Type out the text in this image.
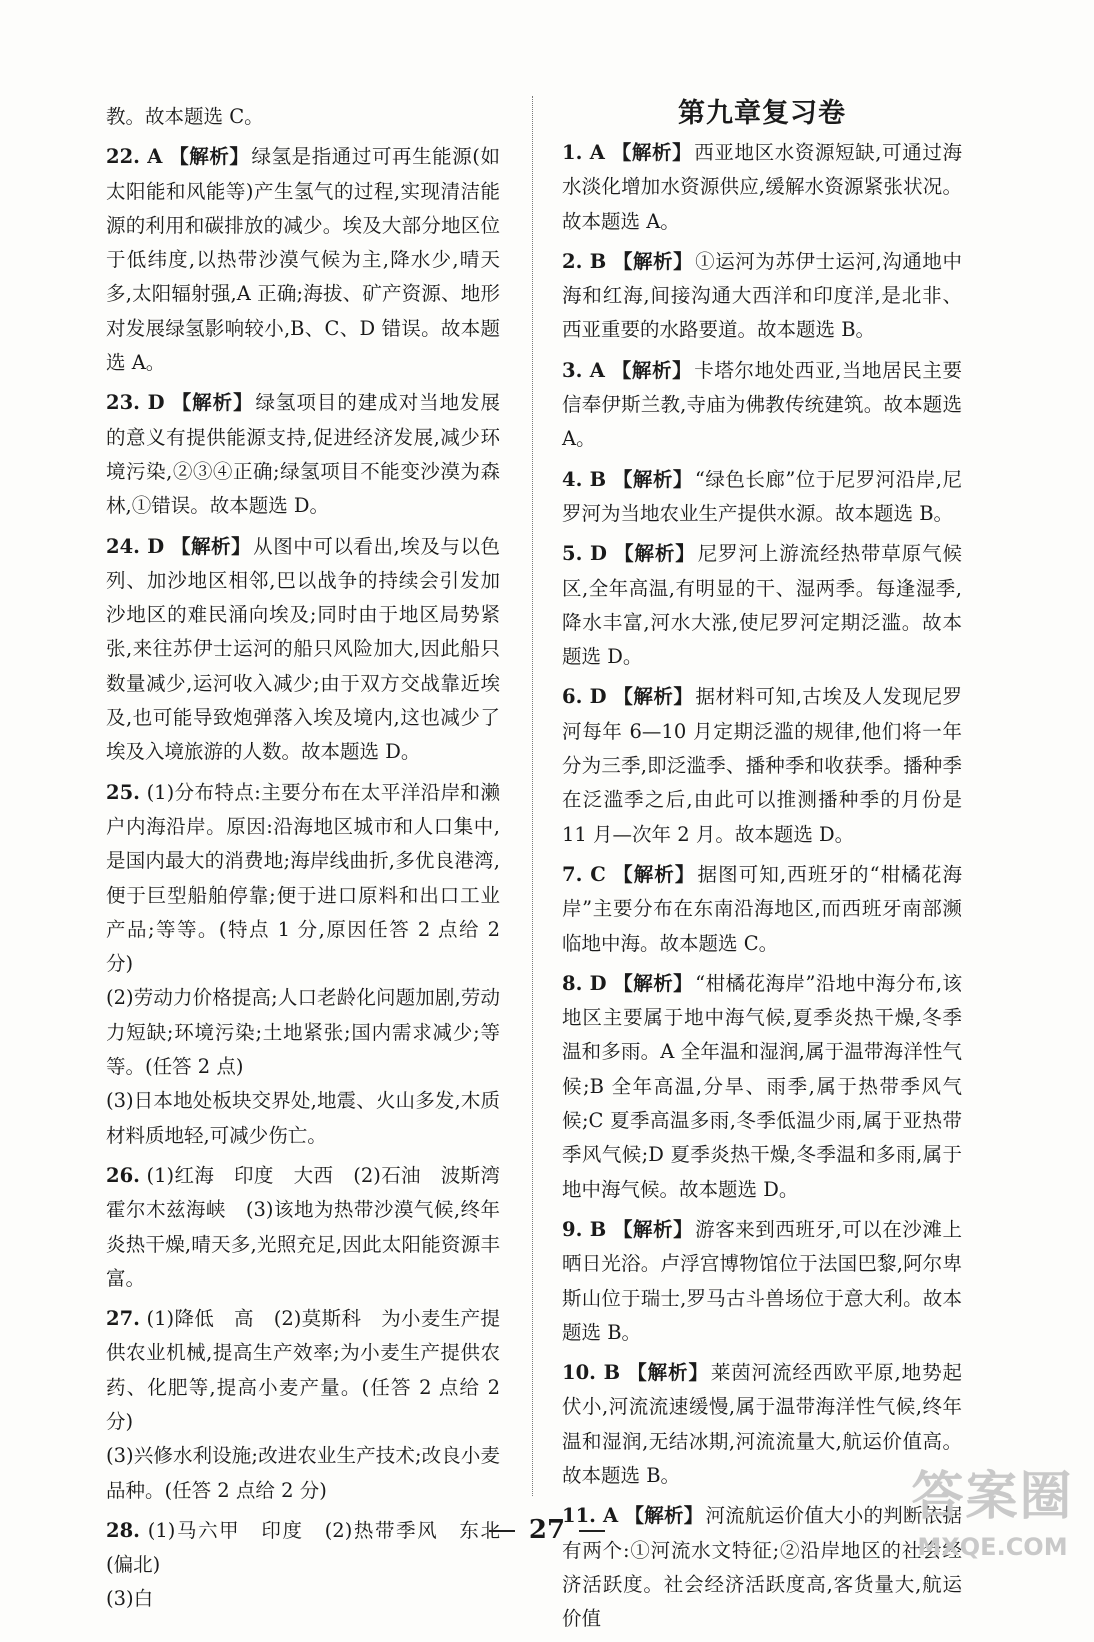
教。故本题选 C。

22. A 【解析】 绿氢是指通过可再生能源(如太阳能和风能等)产生氢气的过程,实现清洁能源的利用和碳排放的减少。埃及大部分地区位于低纬度,以热带沙漠气候为主,降水少,晴天多,太阳辐射强,A 正确;海拔、矿产资源、地形对发展绿氢影响较小,B、C、D 错误。故本题选 A。

23. D 【解析】 绿氢项目的建成对当地发展的意义有提供能源支持,促进经济发展,减少环境污染,②③④正确;绿氢项目不能变沙漠为森林,①错误。故本题选 D。

24. D 【解析】 从图中可以看出,埃及与以色列、加沙地区相邻,巴以战争的持续会引发加沙地区的难民涌向埃及;同时由于地区局势紧张,来往苏伊士运河的船只风险加大,因此船只数量减少,运河收入减少;由于双方交战靠近埃及,也可能导致炮弹落入埃及境内,这也减少了埃及入境旅游的人数。故本题选 D。

25. (1)分布特点:主要分布在太平洋沿岸和濑户内海沿岸。原因:沿海地区城市和人口集中,是国内最大的消费地;海岸线曲折,多优良港湾,便于巨型船舶停靠;便于进口原料和出口工业产品;等等。(特点 1 分,原因任答 2 点给 2 分)

(2)劳动力价格提高;人口老龄化问题加剧,劳动力短缺;环境污染;土地紧张;国内需求减少;等等。(任答 2 点)

(3)日本地处板块交界处,地震、火山多发,木质材料质地轻,可减少伤亡。

26. (1)红海　印度　大西　(2)石油　波斯湾　霍尔木兹海峡　(3)该地为热带沙漠气候,终年炎热干燥,晴天多,光照充足,因此太阳能资源丰富。

27. (1)降低　高　(2)莫斯科　为小麦生产提供农业机械,提高生产效率;为小麦生产提供农药、化肥等,提高小麦产量。(任答 2 点给 2 分)

(3)兴修水利设施;改进农业生产技术;改良小麦品种。(任答 2 点给 2 分)

28. (1)马六甲　印度　(2)热带季风　东北(偏北)

(3)白

第九章复习卷

1. A 【解析】 西亚地区水资源短缺,可通过海水淡化增加水资源供应,缓解水资源紧张状况。故本题选 A。

2. B 【解析】 ①运河为苏伊士运河,沟通地中海和红海,间接沟通大西洋和印度洋,是北非、西亚重要的水路要道。故本题选 B。

3. A 【解析】 卡塔尔地处西亚,当地居民主要信奉伊斯兰教,寺庙为佛教传统建筑。故本题选 A。

4. B 【解析】 “绿色长廊”位于尼罗河沿岸,尼罗河为当地农业生产提供水源。故本题选 B。

5. D 【解析】 尼罗河上游流经热带草原气候区,全年高温,有明显的干、湿两季。每逢湿季,降水丰富,河水大涨,使尼罗河定期泛滥。故本题选 D。

6. D 【解析】 据材料可知,古埃及人发现尼罗河每年 6—10 月定期泛滥的规律,他们将一年分为三季,即泛滥季、播种季和收获季。播种季在泛滥季之后,由此可以推测播种季的月份是 11 月—次年 2 月。故本题选 D。

7. C 【解析】 据图可知,西班牙的“柑橘花海岸”主要分布在东南沿海地区,而西班牙南部濒临地中海。故本题选 C。

8. D 【解析】 “柑橘花海岸”沿地中海分布,该地区主要属于地中海气候,夏季炎热干燥,冬季温和多雨。A 全年温和湿润,属于温带海洋性气候;B 全年高温,分旱、雨季,属于热带季风气候;C 夏季高温多雨,冬季低温少雨,属于亚热带季风气候;D 夏季炎热干燥,冬季温和多雨,属于地中海气候。故本题选 D。

9. B 【解析】 游客来到西班牙,可以在沙滩上晒日光浴。卢浮宫博物馆位于法国巴黎,阿尔卑斯山位于瑞士,罗马古斗兽场位于意大利。故本题选 B。

10. B 【解析】 莱茵河流经西欧平原,地势起伏小,河流流速缓慢,属于温带海洋性气候,终年温和湿润,无结冰期,河流流量大,航运价值高。故本题选 B。

11. A 【解析】 河流航运价值大小的判断依据有两个:①河流水文特征;②沿岸地区的社会经济活跃度。社会经济活跃度高,客货量大,航运价值

27
答案圈
MXQE.COM
